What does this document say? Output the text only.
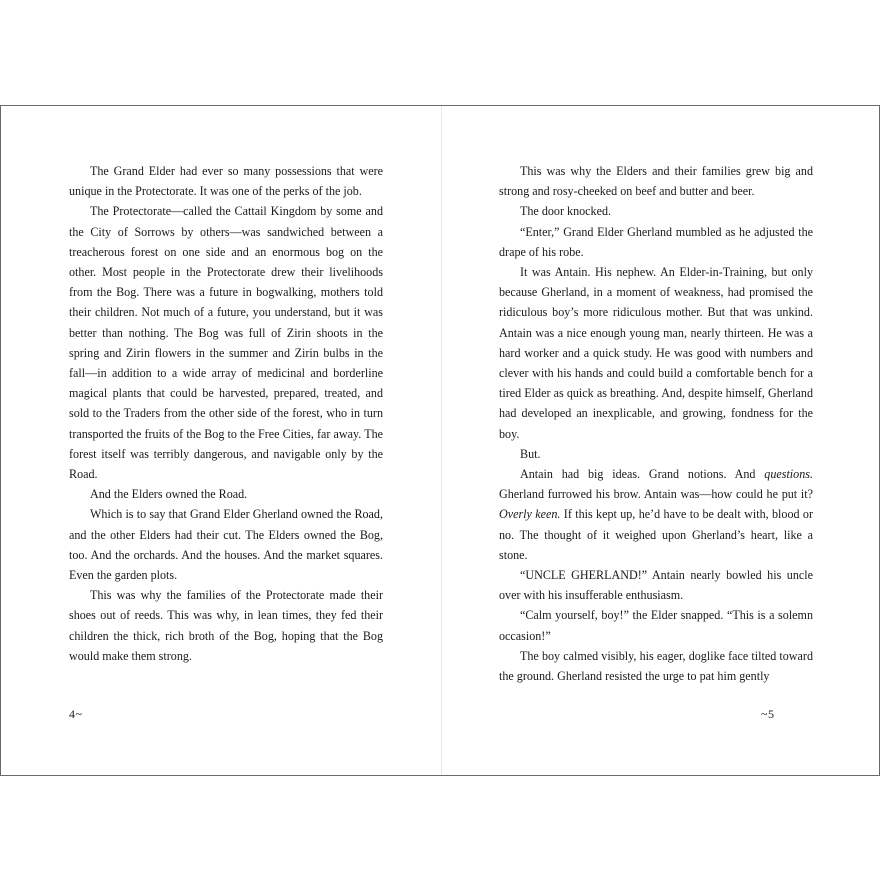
The Grand Elder had ever so many possessions that were unique in the Protectorate. It was one of the perks of the job.

The Protectorate—called the Cattail Kingdom by some and the City of Sorrows by others—was sandwiched between a treacherous forest on one side and an enormous bog on the other. Most people in the Protectorate drew their livelihoods from the Bog. There was a future in bogwalking, mothers told their children. Not much of a future, you understand, but it was better than nothing. The Bog was full of Zirin shoots in the spring and Zirin flowers in the summer and Zirin bulbs in the fall—in addition to a wide array of medicinal and borderline magical plants that could be harvested, prepared, treated, and sold to the Traders from the other side of the forest, who in turn transported the fruits of the Bog to the Free Cities, far away. The forest itself was terribly dangerous, and navigable only by the Road.

And the Elders owned the Road.

Which is to say that Grand Elder Gherland owned the Road, and the other Elders had their cut. The Elders owned the Bog, too. And the orchards. And the houses. And the market squares. Even the garden plots.

This was why the families of the Protectorate made their shoes out of reeds. This was why, in lean times, they fed their children the thick, rich broth of the Bog, hoping that the Bog would make them strong.

4~

This was why the Elders and their families grew big and strong and rosy-cheeked on beef and butter and beer.

The door knocked.

“Enter,” Grand Elder Gherland mumbled as he adjusted the drape of his robe.

It was Antain. His nephew. An Elder-in-Training, but only because Gherland, in a moment of weakness, had promised the ridiculous boy’s more ridiculous mother. But that was unkind. Antain was a nice enough young man, nearly thirteen. He was a hard worker and a quick study. He was good with numbers and clever with his hands and could build a comfortable bench for a tired Elder as quick as breathing. And, despite himself, Gherland had developed an inexplicable, and growing, fondness for the boy.

But.

Antain had big ideas. Grand notions. And questions. Gherland furrowed his brow. Antain was—how could he put it? Overly keen. If this kept up, he’d have to be dealt with, blood or no. The thought of it weighed upon Gherland’s heart, like a stone.

“UNCLE GHERLAND!” Antain nearly bowled his uncle over with his insufferable enthusiasm.

“Calm yourself, boy!” the Elder snapped. “This is a solemn occasion!”

The boy calmed visibly, his eager, doglike face tilted toward the ground. Gherland resisted the urge to pat him gently

~5
